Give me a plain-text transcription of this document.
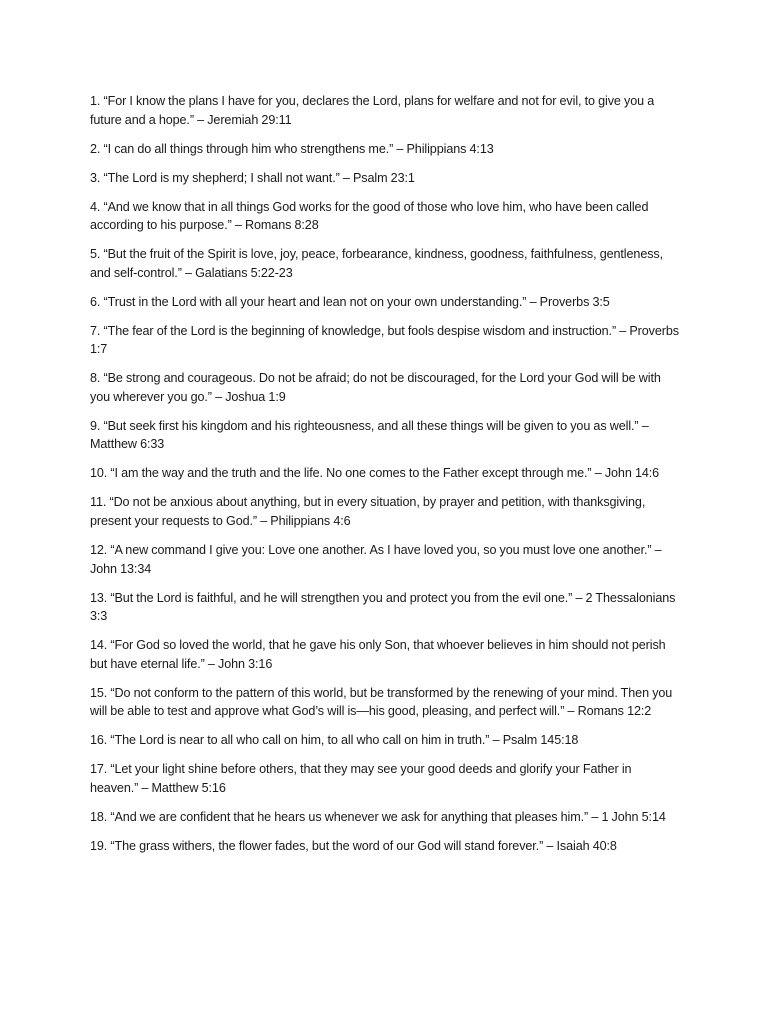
1. “For I know the plans I have for you, declares the Lord, plans for welfare and not for evil, to give you a future and a hope.” – Jeremiah 29:11
2. “I can do all things through him who strengthens me.” – Philippians 4:13
3. “The Lord is my shepherd; I shall not want.” – Psalm 23:1
4. “And we know that in all things God works for the good of those who love him, who have been called according to his purpose.” – Romans 8:28
5. “But the fruit of the Spirit is love, joy, peace, forbearance, kindness, goodness, faithfulness, gentleness, and self-control.” – Galatians 5:22-23
6. “Trust in the Lord with all your heart and lean not on your own understanding.” – Proverbs 3:5
7. “The fear of the Lord is the beginning of knowledge, but fools despise wisdom and instruction.” – Proverbs 1:7
8. “Be strong and courageous. Do not be afraid; do not be discouraged, for the Lord your God will be with you wherever you go.” – Joshua 1:9
9. “But seek first his kingdom and his righteousness, and all these things will be given to you as well.” – Matthew 6:33
10. “I am the way and the truth and the life. No one comes to the Father except through me.” – John 14:6
11. “Do not be anxious about anything, but in every situation, by prayer and petition, with thanksgiving, present your requests to God.” – Philippians 4:6
12. “A new command I give you: Love one another. As I have loved you, so you must love one another.” – John 13:34
13. “But the Lord is faithful, and he will strengthen you and protect you from the evil one.” – 2 Thessalonians 3:3
14. “For God so loved the world, that he gave his only Son, that whoever believes in him should not perish but have eternal life.” – John 3:16
15. “Do not conform to the pattern of this world, but be transformed by the renewing of your mind. Then you will be able to test and approve what God’s will is—his good, pleasing, and perfect will.” – Romans 12:2
16. “The Lord is near to all who call on him, to all who call on him in truth.” – Psalm 145:18
17. “Let your light shine before others, that they may see your good deeds and glorify your Father in heaven.” – Matthew 5:16
18. “And we are confident that he hears us whenever we ask for anything that pleases him.” – 1 John 5:14
19. “The grass withers, the flower fades, but the word of our God will stand forever.” – Isaiah 40:8
